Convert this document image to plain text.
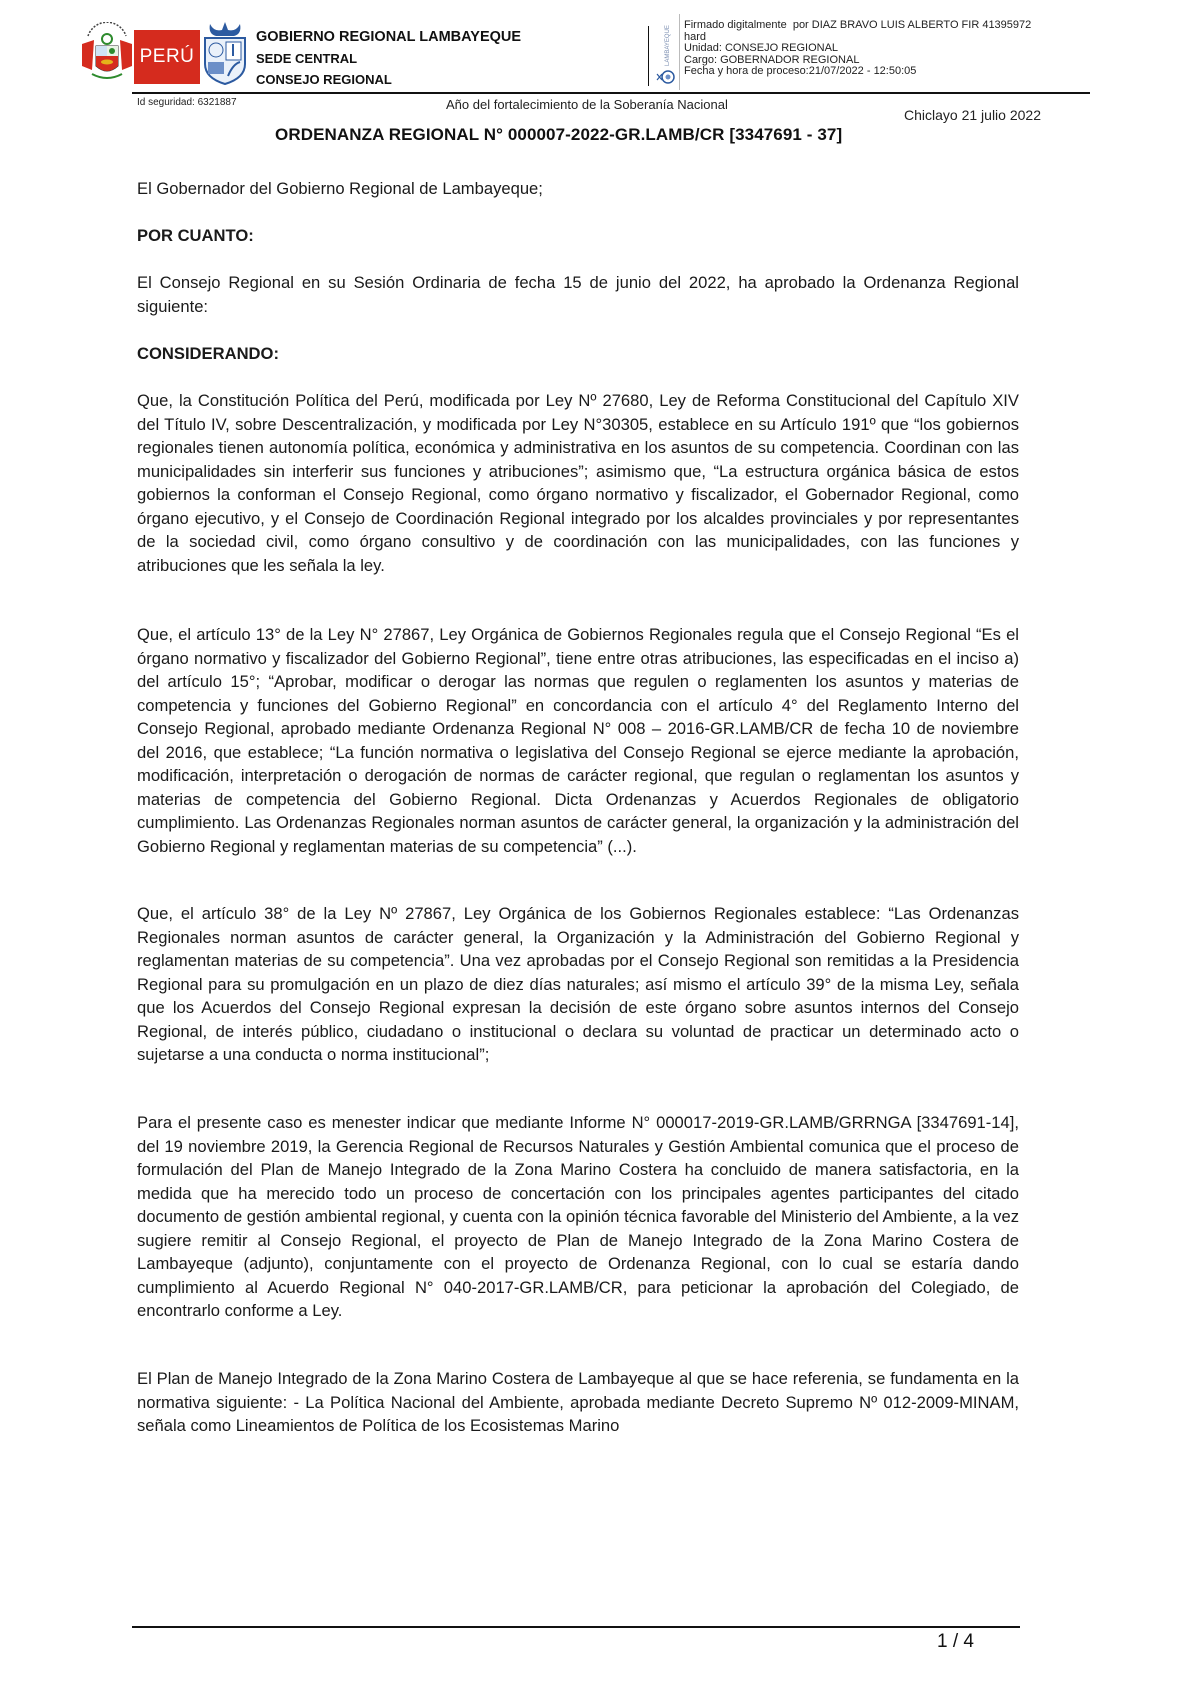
PERÚ
GOBIERNO REGIONAL LAMBAYEQUE
SEDE CENTRAL
CONSEJO REGIONAL
LAMBAYEQUE
Firmado digitalmente  por DIAZ BRAVO LUIS ALBERTO FIR 41395972
hard
Unidad: CONSEJO REGIONAL
Cargo: GOBERNADOR REGIONAL
Fecha y hora de proceso:21/07/2022 - 12:50:05
Id seguridad: 6321887	Año del fortalecimiento de la Soberanía Nacional
Chiclayo 21 julio 2022
ORDENANZA REGIONAL N° 000007-2022-GR.LAMB/CR [3347691 - 37]

El Gobernador del Gobierno Regional de Lambayeque;

POR CUANTO:

El Consejo Regional en su Sesión Ordinaria de fecha 15 de junio del 2022, ha aprobado la Ordenanza Regional siguiente:

CONSIDERANDO:

Que, la Constitución Política del Perú, modificada por Ley Nº 27680, Ley de Reforma Constitucional del Capítulo XIV del Título IV, sobre Descentralización, y modificada por Ley N°30305, establece en su Artículo 191º que “los gobiernos regionales tienen autonomía política, económica y administrativa en los asuntos de su competencia. Coordinan con las municipalidades sin interferir sus funciones y atribuciones”; asimismo que, “La estructura orgánica básica de estos gobiernos la conforman el Consejo Regional, como órgano normativo y fiscalizador, el Gobernador Regional, como órgano ejecutivo, y el Consejo de Coordinación Regional integrado por los alcaldes provinciales y por representantes de la sociedad civil, como órgano consultivo y de coordinación con las municipalidades, con las funciones y atribuciones que les señala la ley.

Que, el artículo 13° de la Ley N° 27867, Ley Orgánica de Gobiernos Regionales regula que el Consejo Regional “Es el órgano normativo y fiscalizador del Gobierno Regional”, tiene entre otras atribuciones, las especificadas en el inciso a) del artículo 15°; “Aprobar, modificar o derogar las normas que regulen o reglamenten los asuntos y materias de competencia y funciones del Gobierno Regional” en concordancia con el artículo 4° del Reglamento Interno del Consejo Regional, aprobado mediante Ordenanza Regional N° 008 – 2016-GR.LAMB/CR de fecha 10 de noviembre del 2016, que establece; “La función normativa o legislativa del Consejo Regional se ejerce mediante la aprobación, modificación, interpretación o derogación de normas de carácter regional, que regulan o reglamentan los asuntos y materias de competencia del Gobierno Regional. Dicta Ordenanzas y Acuerdos Regionales de obligatorio cumplimiento. Las Ordenanzas Regionales norman asuntos de carácter general, la organización y la administración del Gobierno Regional y reglamentan materias de su competencia” (...).

Que, el artículo 38° de la Ley Nº 27867, Ley Orgánica de los Gobiernos Regionales establece: “Las Ordenanzas Regionales norman asuntos de carácter general, la Organización y la Administración del Gobierno Regional y reglamentan materias de su competencia”. Una vez aprobadas por el Consejo Regional son remitidas a la Presidencia Regional para su promulgación en un plazo de diez días naturales; así mismo el artículo 39° de la misma Ley, señala que los Acuerdos del Consejo Regional expresan la decisión de este órgano sobre asuntos internos del Consejo Regional, de interés público, ciudadano o institucional o declara su voluntad de practicar un determinado acto o sujetarse a una conducta o norma institucional”;

Para el presente caso es menester indicar que mediante Informe N° 000017-2019-GR.LAMB/GRRNGA [3347691-14], del 19 noviembre 2019, la Gerencia Regional de Recursos Naturales y Gestión Ambiental comunica que el proceso de formulación del Plan de Manejo Integrado de la Zona Marino Costera ha concluido de manera satisfactoria, en la medida que ha merecido todo un proceso de concertación con los principales agentes participantes del citado documento de gestión ambiental regional, y cuenta con la opinión técnica favorable del Ministerio del Ambiente, a la vez sugiere remitir al Consejo Regional, el proyecto de Plan de Manejo Integrado de la Zona Marino Costera de Lambayeque (adjunto), conjuntamente con el proyecto de Ordenanza Regional, con lo cual se estaría dando cumplimiento al Acuerdo Regional N° 040-2017-GR.LAMB/CR, para peticionar la aprobación del Colegiado, de encontrarlo conforme a Ley.

El Plan de Manejo Integrado de la Zona Marino Costera de Lambayeque al que se hace referenia, se fundamenta en la normativa siguiente: - La Política Nacional del Ambiente, aprobada mediante Decreto Supremo Nº 012-2009-MINAM, señala como Lineamientos de Política de los Ecosistemas Marino

1 / 4
